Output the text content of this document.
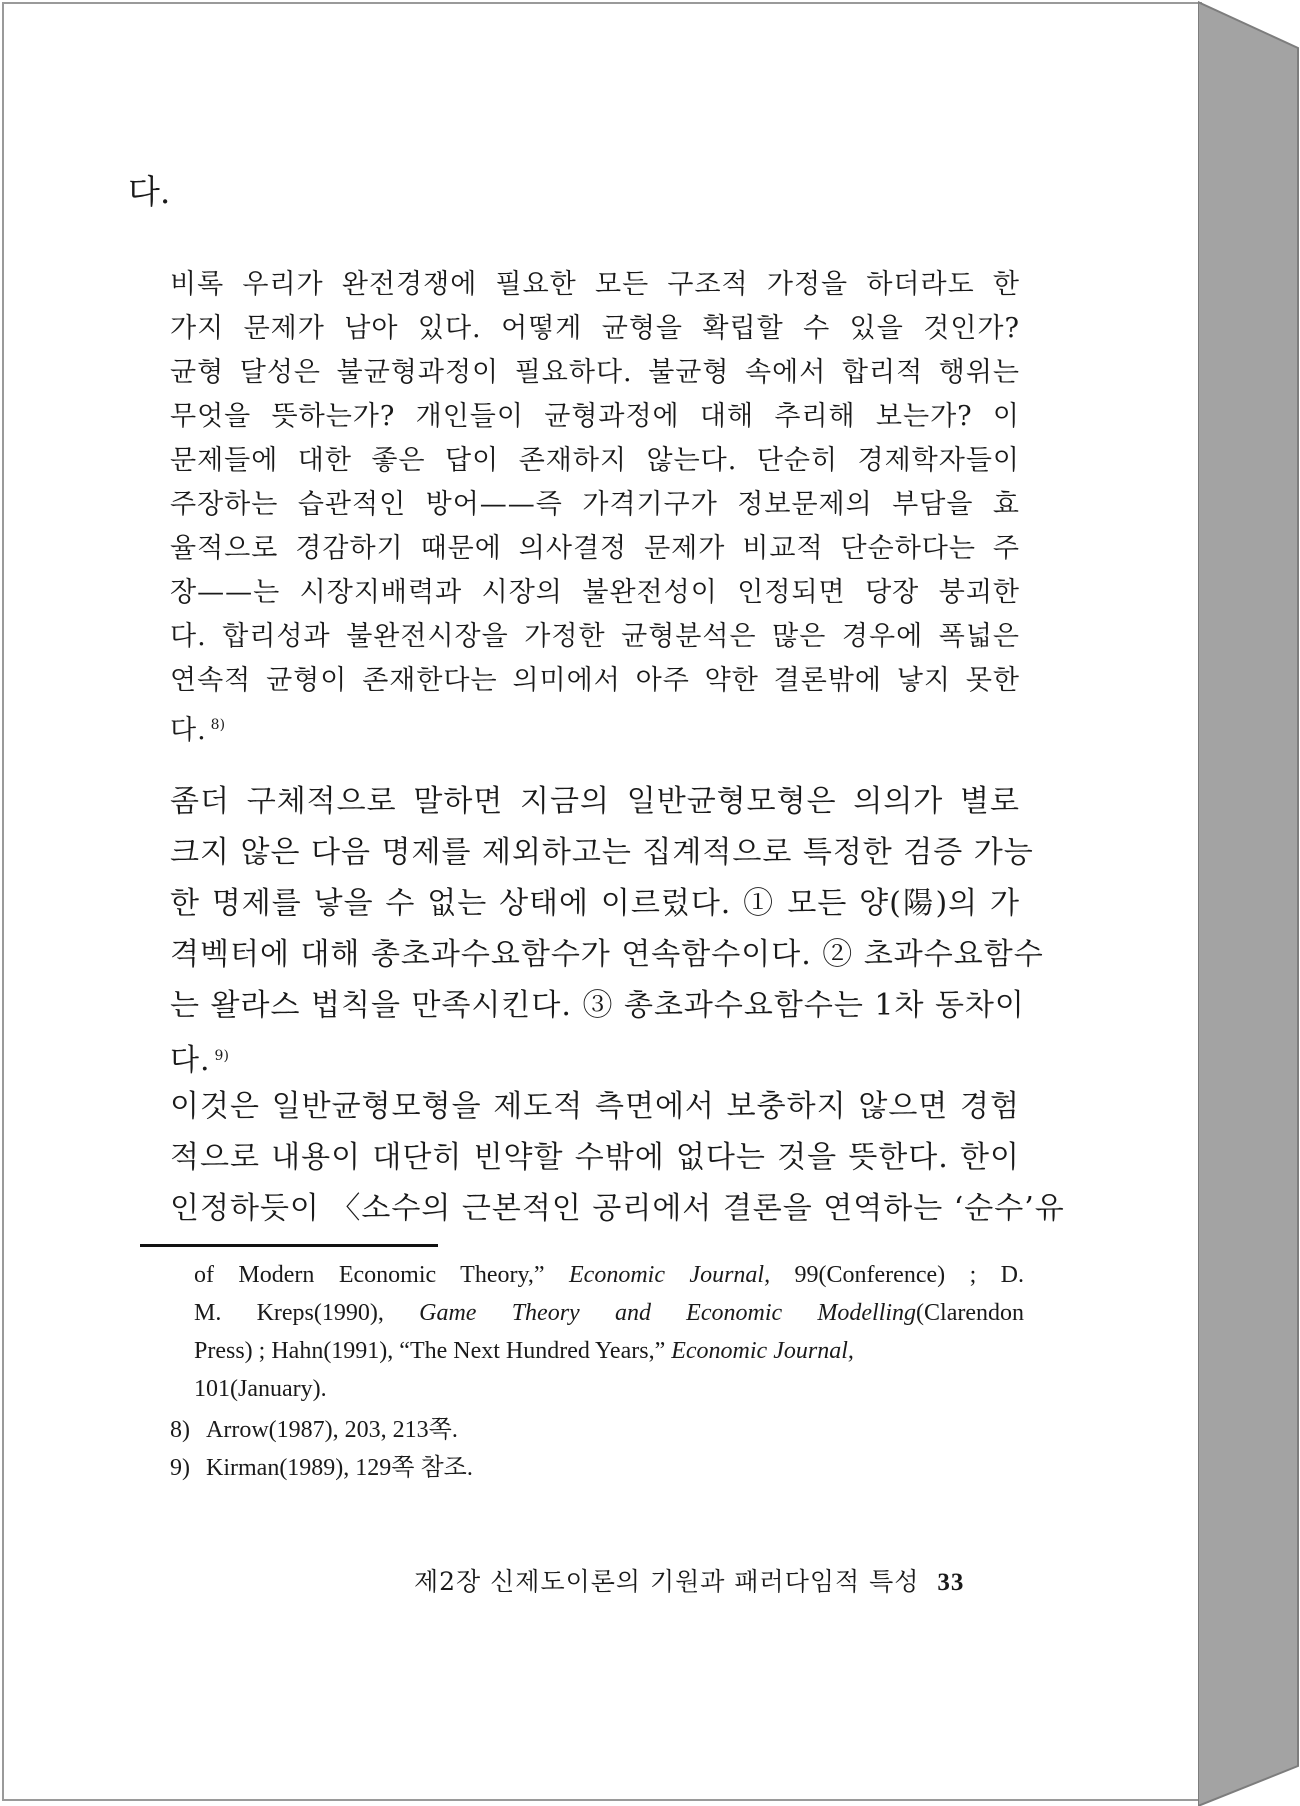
다.
비록 우리가 완전경쟁에 필요한 모든 구조적 가정을 하더라도 한
가지 문제가 남아 있다. 어떻게 균형을 확립할 수 있을 것인가?
균형 달성은 불균형과정이 필요하다. 불균형 속에서 합리적 행위는
무엇을 뜻하는가? 개인들이 균형과정에 대해 추리해 보는가? 이
문제들에 대한 좋은 답이 존재하지 않는다. 단순히 경제학자들이
주장하는 습관적인 방어——즉 가격기구가 정보문제의 부담을 효
율적으로 경감하기 때문에 의사결정 문제가 비교적 단순하다는 주
장——는 시장지배력과 시장의 불완전성이 인정되면 당장 붕괴한
다. 합리성과 불완전시장을 가정한 균형분석은 많은 경우에 폭넓은
연속적 균형이 존재한다는 의미에서 아주 약한 결론밖에 낳지 못한
다. $^{8)}$
좀더 구체적으로 말하면 지금의 일반균형모형은 의의가 별로
크지 않은 다음 명제를 제외하고는 집계적으로 특정한 검증 가능
한 명제를 낳을 수 없는 상태에 이르렀다. ① 모든 양(陽)의 가
격벡터에 대해 총초과수요함수가 연속함수이다. ② 초과수요함수
는 왈라스 법칙을 만족시킨다. ③ 총초과수요함수는 1차 동차이
다. $^{9)}$
이것은 일반균형모형을 제도적 측면에서 보충하지 않으면 경험
적으로 내용이 대단히 빈약할 수밖에 없다는 것을 뜻한다. 한이
인정하듯이 〈소수의 근본적인 공리에서 결론을 연역하는 ‘순수’유
of Modern Economic Theory,” Economic Journal, 99(Conference) ; D.
M. Kreps(1990), Game Theory and Economic Modelling(Clarendon
Press) ; Hahn(1991), “The Next Hundred Years,” Economic Journal,
101(January).
8) Arrow(1987), 203, 213쪽.
9) Kirman(1989), 129쪽 참조.
제2장 신제도이론의 기원과 패러다임적 특성 33
